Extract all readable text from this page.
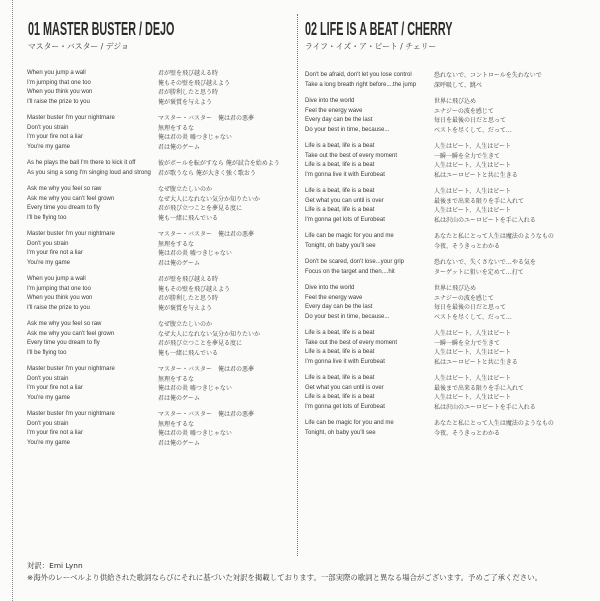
01 MASTER BUSTER / DEJO
マスター・バスター / デジョ
02 LIFE IS A BEAT / CHERRY
ライフ・イズ・ア・ビート / チェリー
When you jump a wall	君が壁を飛び越える時
I'm jumping that one too	俺もその壁を飛び越えよう
When you think you won	君が勝利したと思う時
I'll raise the prize to you	俺が褒賞を与えよう
Master buster I'm your nightmare	マスター・バスター　俺は君の悪夢
Don't you strain	無理をするな
I'm your fire not a liar	俺は君の炎 嘘つきじゃない
You're my game	君は俺のゲーム
As he plays the ball I'm there to kick it off	彼がボールを転がすなら 俺が試合を始めよう
As you sing a song I'm singing loud and strong	君が歌うなら 俺が大きく強く歌おう
Ask me why you feel so raw	なぜ腹立たしいのか
Ask me why you can't feel grown	なぜ大人になれない気分か知りたいか
Every time you dream to fly	君が飛び立つことを夢見る度に
I'll be flying too	俺も一緒に飛んでいる
Master buster I'm your nightmare	マスター・バスター　俺は君の悪夢
Don't you strain	無理をするな
I'm your fire not a liar	俺は君の炎 嘘つきじゃない
You're my game	君は俺のゲーム
When you jump a wall	君が壁を飛び越える時
I'm jumping that one too	俺もその壁を飛び越えよう
When you think you won	君が勝利したと思う時
I'll raise the prize to you	俺が褒賞を与えよう
Ask me why you feel so raw	なぜ腹立たしいのか
Ask me why you can't feel grown	なぜ大人になれない気分か知りたいか
Every time you dream to fly	君が飛び立つことを夢見る度に
I'll be flying too	俺も一緒に飛んでいる
Master buster I'm your nightmare	マスター・バスター　俺は君の悪夢
Don't you strain	無理をするな
I'm your fire not a liar	俺は君の炎 嘘つきじゃない
You're my game	君は俺のゲーム
Master buster I'm your nightmare	マスター・バスター　俺は君の悪夢
Don't you strain	無理をするな
I'm your fire not a liar	俺は君の炎 嘘つきじゃない
You're my game	君は俺のゲーム
Don't be afraid, don't let you lose control	恐れないで、コントロールを失わないで
Take a long breath right before....the jump	深呼吸して、跳べ
Dive into the world	世界に飛び込め
Feel the energy wave	エナジーの波を感じて
Every day can be the last	毎日を最後の日だと思って
Do your best in time, because...	ベストを尽くして、だって…
Life is a beat, life is a beat	人生はビート、人生はビート
Take out the best of every moment	一瞬一瞬を全力で生きて
Life is a beat, life is a beat	人生はビート、人生はビート
I'm gonna live it with Eurobeat	私はユーロビートと共に生きる
Life is a beat, life is a beat	人生はビート、人生はビート
Get what you can until is over	最後まで出来る限りを手に入れて
Life is a beat, life is a beat	人生はビート、人生はビート
I'm gonna get lots of Eurobeat	私は沢山のユーロビートを手に入れる
Life can be magic for you and me	あなたと私にとって人生は魔法のようなもの
Tonight, oh baby you'll see	今夜、そうきっとわかる
Don't be scared, don't lose...your grip	恐れないで、失くさないで…やる気を
Focus on the target and then....hit	ターゲットに狙いを定めて…打て
Dive into the world	世界に飛び込め
Feel the energy wave	エナジーの波を感じて
Every day can be the last	毎日を最後の日だと思って
Do your best in time, because...	ベストを尽くして、だって…
Life is a beat, life is a beat	人生はビート、人生はビート
Take out the best of every moment	一瞬一瞬を全力で生きて
Life is a beat, life is a beat	人生はビート、人生はビート
I'm gonna live it with Eurobeat	私はユーロビートと共に生きる
Life is a beat, life is a beat	人生はビート、人生はビート
Get what you can until is over	最後まで出来る限りを手に入れて
Life is a beat, life is a beat	人生はビート、人生はビート
I'm gonna get lots of Eurobeat	私は沢山のユーロビートを手に入れる
Life can be magic for you and me	あなたと私にとって人生は魔法のようなもの
Tonight, oh baby you'll see	今夜、そうきっとわかる
対訳：Emi Lynn
※海外のレーベルより供給された歌詞ならびにそれに基づいた対訳を掲載しております。一部実際の歌詞と異なる場合がございます。予めご了承ください。
